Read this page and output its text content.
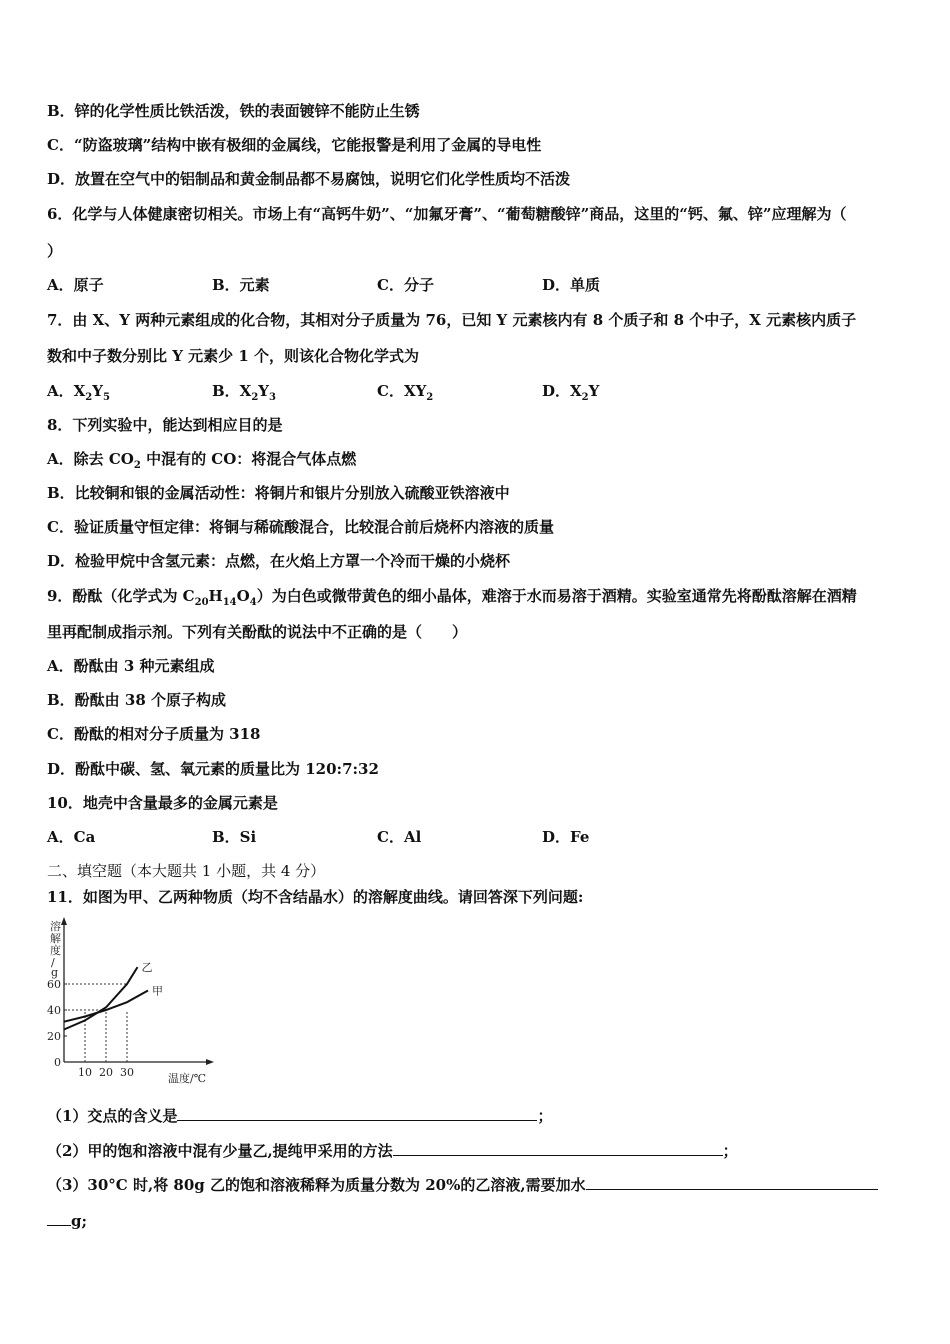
B．锌的化学性质比铁活泼，铁的表面镀锌不能防止生锈
C．“防盗玻璃”结构中嵌有极细的金属线，它能报警是利用了金属的导电性
D．放置在空气中的铝制品和黄金制品都不易腐蚀，说明它们化学性质均不活泼
6．化学与人体健康密切相关。市场上有“高钙牛奶”、“加氟牙膏”、“葡萄糖酸锌”商品，这里的“钙、氟、锌”应理解为（
）
A．原子	B．元素	C．分子	D．单质
7．由 X、Y 两种元素组成的化合物，其相对分子质量为 76，已知 Y 元素核内有 8 个质子和 8 个中子，X 元素核内质子
数和中子数分别比 Y 元素少 1 个，则该化合物化学式为
A．$X_2Y_5$	B．$X_2Y_3$	C．$XY_2$	D．$X_2Y$
8．下列实验中，能达到相应目的是
A．除去 $CO_2$ 中混有的 CO：将混合气体点燃
B．比较铜和银的金属活动性：将铜片和银片分别放入硫酸亚铁溶液中
C．验证质量守恒定律：将铜与稀硫酸混合，比较混合前后烧杯内溶液的质量
D．检验甲烷中含氢元素：点燃，在火焰上方罩一个冷而干燥的小烧杯
9．酚酞（化学式为 $C_{20}H_{14}O_4$）为白色或微带黄色的细小晶体，难溶于水而易溶于酒精。实验室通常先将酚酞溶解在酒精
里再配制成指示剂。下列有关酚酞的说法中不正确的是（　　）
A．酚酞由 3 种元素组成
B．酚酞由 38 个原子构成
C．酚酞的相对分子质量为 318
D．酚酞中碳、氢、氧元素的质量比为 120:7:32
10．地壳中含量最多的金属元素是
A．Ca	B．Si	C．Al	D．Fe
二、填空题（本大题共 1 小题，共 4 分）
11．如图为甲、乙两种物质（均不含结晶水）的溶解度曲线。请回答深下列问题:
0
20
40
60
10 20 30
乙
甲
溶
解
度
/
g
温度/℃
（1）交点的含义是	；
（2）甲的饱和溶液中混有少量乙,提纯甲采用的方法	；
（3）30°C 时,将 80g 乙的饱和溶液稀释为质量分数为 20%的乙溶液,需要加水
g;
